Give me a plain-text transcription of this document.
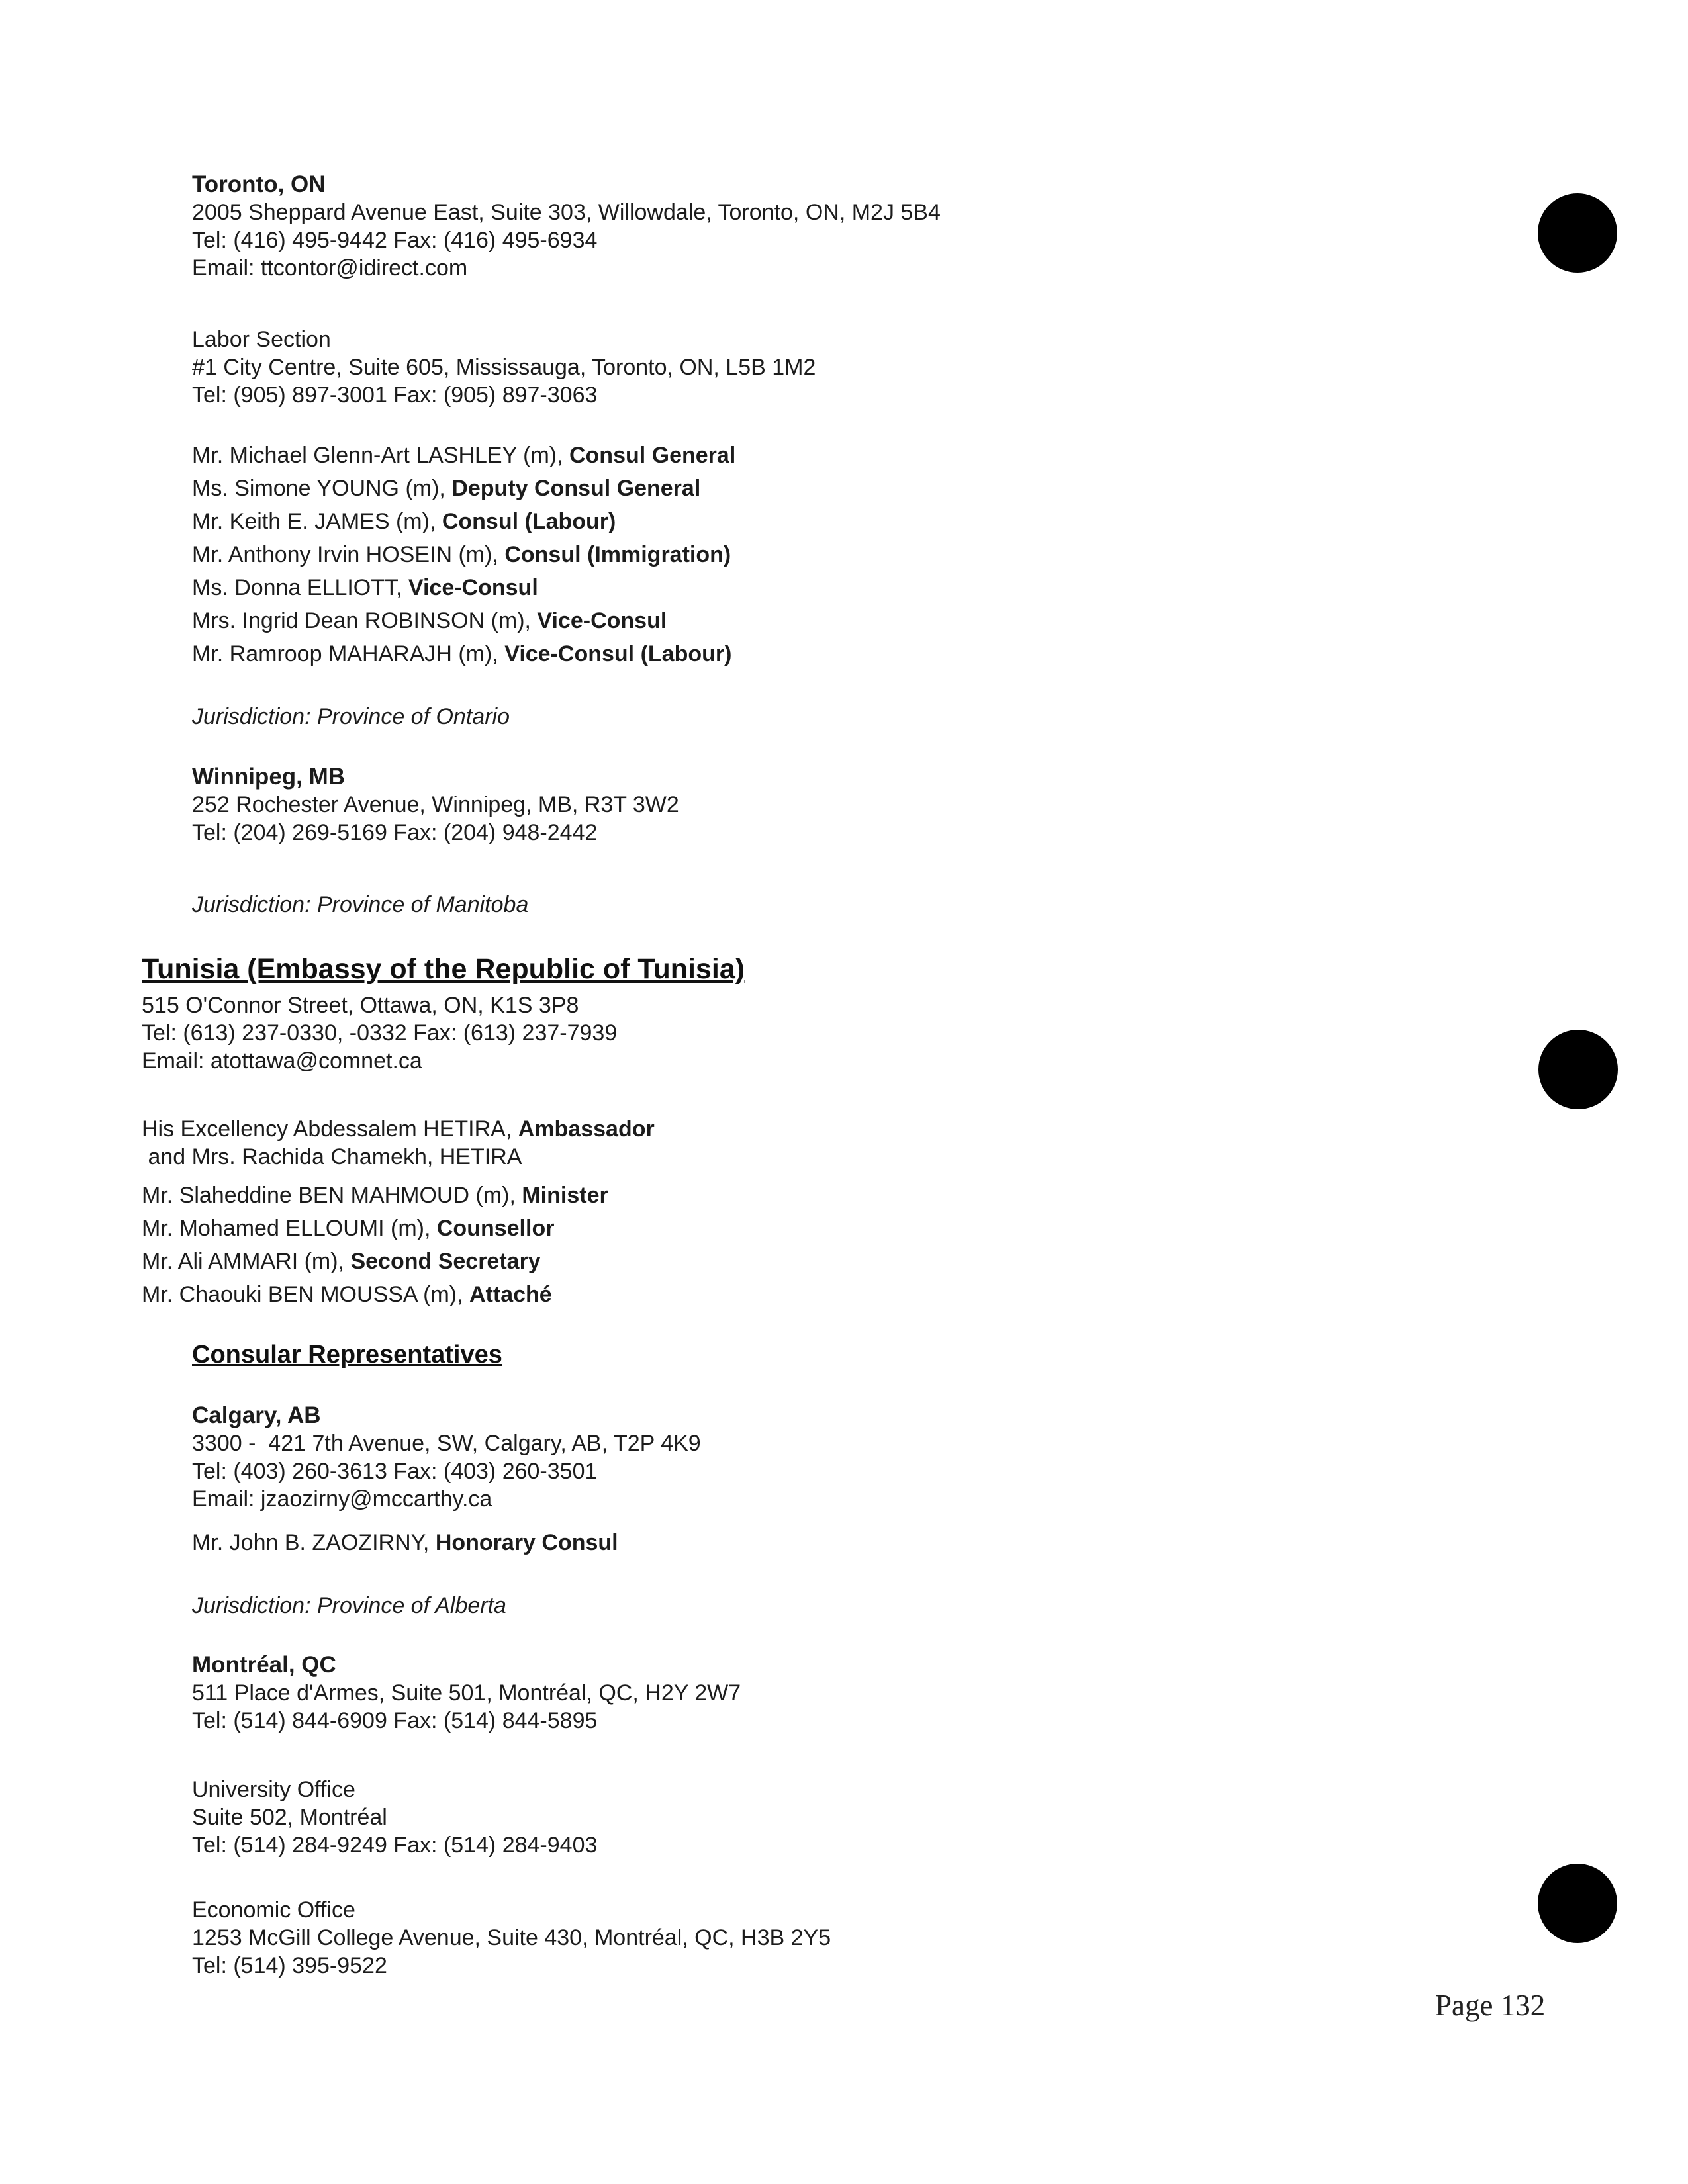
Toronto, ON
2005 Sheppard Avenue East, Suite 303, Willowdale, Toronto, ON, M2J 5B4
Tel: (416) 495-9442 Fax: (416) 495-6934
Email: ttcontor@idirect.com
Labor Section
#1 City Centre, Suite 605, Mississauga, Toronto, ON, L5B 1M2
Tel: (905) 897-3001 Fax: (905) 897-3063
Mr. Michael Glenn-Art LASHLEY (m), Consul General
Ms. Simone YOUNG (m), Deputy Consul General
Mr. Keith E. JAMES (m), Consul (Labour)
Mr. Anthony Irvin HOSEIN (m), Consul (Immigration)
Ms. Donna ELLIOTT, Vice-Consul
Mrs. Ingrid Dean ROBINSON (m), Vice-Consul
Mr. Ramroop MAHARAJH (m), Vice-Consul (Labour)
Jurisdiction: Province of Ontario
Winnipeg, MB
252 Rochester Avenue, Winnipeg, MB, R3T 3W2
Tel: (204) 269-5169 Fax: (204) 948-2442
Jurisdiction: Province of Manitoba
Tunisia (Embassy of the Republic of Tunisia)
515 O'Connor Street, Ottawa, ON, K1S 3P8
Tel: (613) 237-0330, -0332 Fax: (613) 237-7939
Email: atottawa@comnet.ca
His Excellency Abdessalem HETIRA, Ambassador
and Mrs. Rachida Chamekh, HETIRA
Mr. Slaheddine BEN MAHMOUD (m), Minister
Mr. Mohamed ELLOUMI (m), Counsellor
Mr. Ali AMMARI (m), Second Secretary
Mr. Chaouki BEN MOUSSA (m), Attaché
Consular Representatives
Calgary, AB
3300 -  421 7th Avenue, SW, Calgary, AB, T2P 4K9
Tel: (403) 260-3613 Fax: (403) 260-3501
Email: jzaozirny@mccarthy.ca
Mr. John B. ZAOZIRNY, Honorary Consul
Jurisdiction: Province of Alberta
Montréal, QC
511 Place d'Armes, Suite 501, Montréal, QC, H2Y 2W7
Tel: (514) 844-6909 Fax: (514) 844-5895
University Office
Suite 502, Montréal
Tel: (514) 284-9249 Fax: (514) 284-9403
Economic Office
1253 McGill College Avenue, Suite 430, Montréal, QC, H3B 2Y5
Tel: (514) 395-9522
Page 132
